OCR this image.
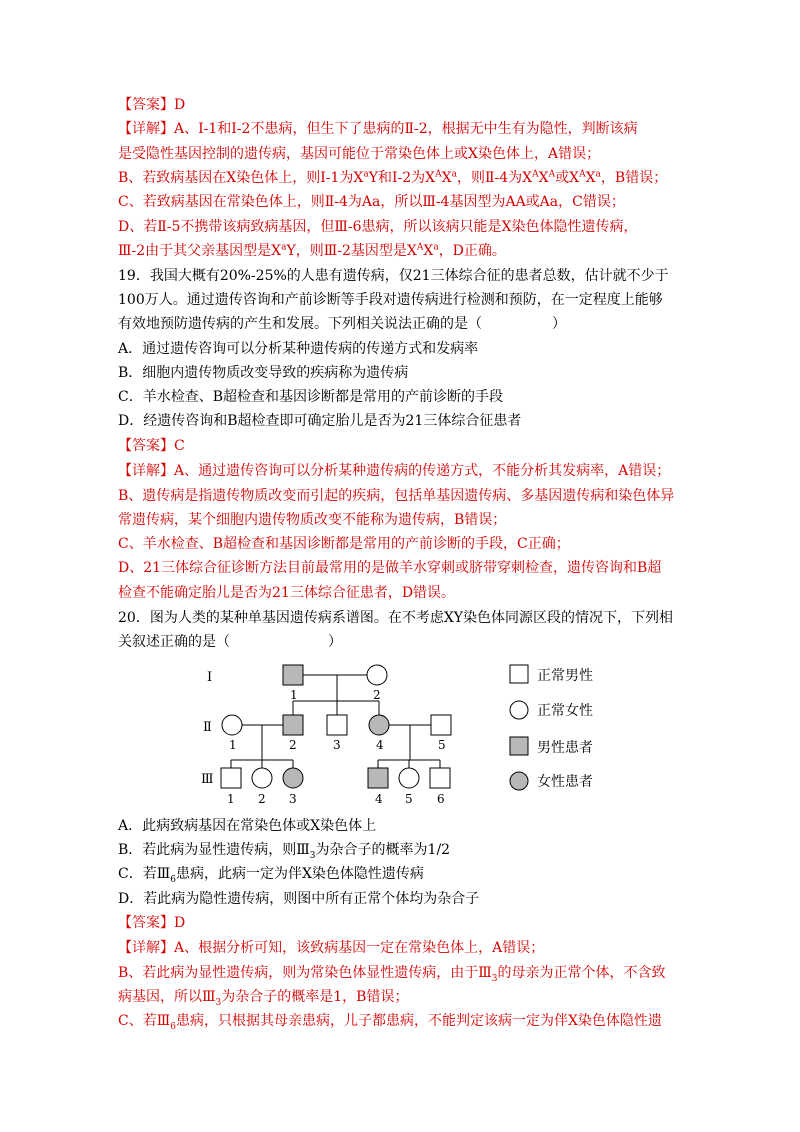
【答案】D
【详解】A、Ⅰ-1和Ⅰ-2不患病，但生下了患病的Ⅱ-2，根据无中生有为隐性，判断该病
是受隐性基因控制的遗传病，基因可能位于常染色体上或X染色体上，A错误；
B、若致病基因在X染色体上，则Ⅰ-1为$X^aY$和Ⅰ-2为$X^AX^a$，则Ⅱ-4为$X^AX^A$或$X^AX^a$，B错误；
C、若致病基因在常染色体上，则Ⅱ-4为Aa，所以Ⅲ-4基因型为AA或Aa，C错误；
D、若Ⅱ-5不携带该病致病基因，但Ⅲ-6患病，所以该病只能是X染色体隐性遗传病，
Ⅲ-2由于其父亲基因型是$X^aY$，则Ⅲ-2基因型是$X^AX^a$，D正确。
19．我国大概有20%-25%的人患有遗传病，仅21三体综合征的患者总数，估计就不少于
100万人。通过遗传咨询和产前诊断等手段对遗传病进行检测和预防，在一定程度上能够
有效地预防遗传病的产生和发展。下列相关说法正确的是（　　　　　）
A．通过遗传咨询可以分析某种遗传病的传递方式和发病率
B．细胞内遗传物质改变导致的疾病称为遗传病
C．羊水检查、B超检查和基因诊断都是常用的产前诊断的手段
D．经遗传咨询和B超检查即可确定胎儿是否为21三体综合征患者
【答案】C
【详解】A、通过遗传咨询可以分析某种遗传病的传递方式，不能分析其发病率，A错误；
B、遗传病是指遗传物质改变而引起的疾病，包括单基因遗传病、多基因遗传病和染色体异
常遗传病，某个细胞内遗传物质改变不能称为遗传病，B错误；
C、羊水检查、B超检查和基因诊断都是常用的产前诊断的手段，C正确；
D、21三体综合征诊断方法目前最常用的是做羊水穿刺或脐带穿刺检查，遗传咨询和B超
检查不能确定胎儿是否为21三体综合征患者，D错误。
20．图为人类的某种单基因遗传病系谱图。在不考虑XY染色体同源区段的情况下，下列相
关叙述正确的是（　　　　　　　）
Ⅰ
Ⅱ
Ⅲ
1	2
1	2	3	4	5
1 2 3	4 5 6
正常男性
正常女性
男性患者
女性患者
A．此病致病基因在常染色体或X染色体上
B．若此病为显性遗传病，则$Ⅲ_3$为杂合子的概率为1/2
C．若$Ⅲ_6$患病，此病一定为伴X染色体隐性遗传病
D．若此病为隐性遗传病，则图中所有正常个体均为杂合子
【答案】D
【详解】A、根据分析可知，该致病基因一定在常染色体上，A错误；
B、若此病为显性遗传病，则为常染色体显性遗传病，由于$Ⅲ_3$的母亲为正常个体，不含致
病基因，所以$Ⅲ_3$为杂合子的概率是1，B错误；
C、若$Ⅲ_6$患病，只根据其母亲患病，儿子都患病，不能判定该病一定为伴X染色体隐性遗
